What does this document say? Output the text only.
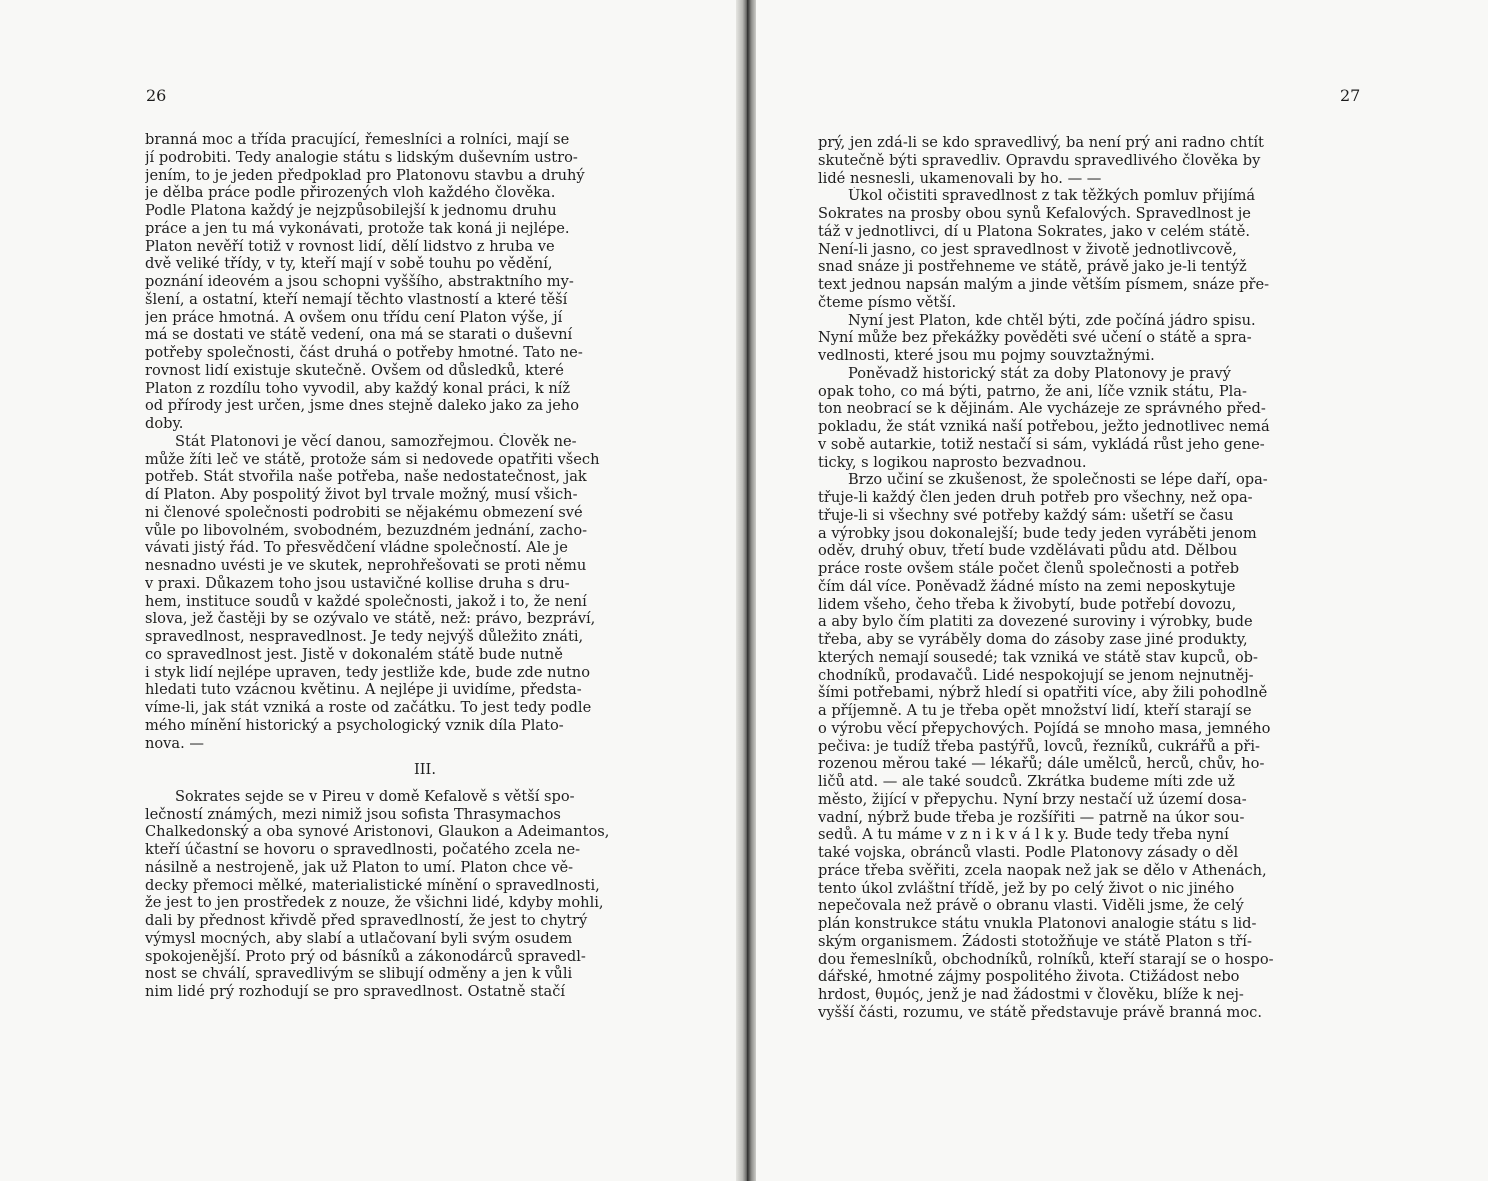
26
branná moc a třída pracující, řemeslníci a rolníci, mají se
jí podrobiti. Tedy analogie státu s lidským duševním ustro-
jením, to je jeden předpoklad pro Platonovu stavbu a druhý
je dělba práce podle přirozených vloh každého člověka.
Podle Platona každý je nejzpůsobilejší k jednomu druhu
práce a jen tu má vykonávati, protože tak koná ji nejlépe.
Platon nevěří totiž v rovnost lidí, dělí lidstvo z hruba ve
dvě veliké třídy, v ty, kteří mají v sobě touhu po vědění,
poznání ideovém a jsou schopni vyššího, abstraktního my-
šlení, a ostatní, kteří nemají těchto vlastností a které těší
jen práce hmotná. A ovšem onu třídu cení Platon výše, jí
má se dostati ve státě vedení, ona má se starati o duševní
potřeby společnosti, část druhá o potřeby hmotné. Tato ne-
rovnost lidí existuje skutečně. Ovšem od důsledků, které
Platon z rozdílu toho vyvodil, aby každý konal práci, k níž
od přírody jest určen, jsme dnes stejně daleko jako za jeho
doby.
Stát Platonovi je věcí danou, samozřejmou. Člověk ne-
může žíti leč ve státě, protože sám si nedovede opatřiti všech
potřeb. Stát stvořila naše potřeba, naše nedostatečnost, jak
dí Platon. Aby pospolitý život byl trvale možný, musí všich-
ni členové společnosti podrobiti se nějakému obmezení své
vůle po libovolném, svobodném, bezuzdném jednání, zacho-
vávati jistý řád. To přesvědčení vládne společností. Ale je
nesnadno uvésti je ve skutek, neprohřešovati se proti němu
v praxi. Důkazem toho jsou ustavičné kollise druha s dru-
hem, instituce soudů v každé společnosti, jakož i to, že není
slova, jež častěji by se ozývalo ve státě, než: právo, bezpráví,
spravedlnost, nespravedlnost. Je tedy nejvýš důležito znáti,
co spravedlnost jest. Jistě v dokonalém státě bude nutně
i styk lidí nejlépe upraven, tedy jestliže kde, bude zde nutno
hledati tuto vzácnou květinu. A nejlépe ji uvidíme, předsta-
víme-li, jak stát vzniká a roste od začátku. To jest tedy podle
mého mínění historický a psychologický vznik díla Plato-
nova. —
III.
Sokrates sejde se v Pireu v domě Kefalově s větší spo-
lečností známých, mezi nimiž jsou sofista Thrasymachos
Chalkedonský a oba synové Aristonovi, Glaukon a Adeimantos,
kteří účastní se hovoru o spravedlnosti, počatého zcela ne-
násilně a nestrojeně, jak už Platon to umí. Platon chce vě-
decky přemoci mělké, materialistické mínění o spravedlnosti,
že jest to jen prostředek z nouze, že všichni lidé, kdyby mohli,
dali by přednost křivdě před spravedlností, že jest to chytrý
výmysl mocných, aby slabí a utlačovaní byli svým osudem
spokojenější. Proto prý od básníků a zákonodárců spravedl-
nost se chválí, spravedlivým se slibují odměny a jen k vůli
nim lidé prý rozhodují se pro spravedlnost. Ostatně stačí
prý, jen zdá-li se kdo spravedlivý, ba není prý ani radno chtít
skutečně býti spravedliv. Opravdu spravedlivého člověka by
lidé nesnesli, ukamenovali by ho. — —
Úkol očistiti spravedlnost z tak těžkých pomluv přijímá
Sokrates na prosby obou synů Kefalových. Spravedlnost je
táž v jednotlivci, dí u Platona Sokrates, jako v celém státě.
Není-li jasno, co jest spravedlnost v životě jednotlivcově,
snad snáze ji postřehneme ve státě, právě jako je-li tentýž
text jednou napsán malým a jinde větším písmem, snáze pře-
čteme písmo větší.
Nyní jest Platon, kde chtěl býti, zde počíná jádro spisu.
Nyní může bez překážky pověděti své učení o státě a spra-
vedlnosti, které jsou mu pojmy souvztažnými.
Poněvadž historický stát za doby Platonovy je pravý
opak toho, co má býti, patrno, že ani, líče vznik státu, Pla-
ton neobrací se k dějinám. Ale vycházeje ze správného před-
pokladu, že stát vzniká naší potřebou, ježto jednotlivec nemá
v sobě autarkie, totiž nestačí si sám, vykládá růst jeho gene-
ticky, s logikou naprosto bezvadnou.
Brzo učiní se zkušenost, že společnosti se lépe daří, opa-
třuje-li každý člen jeden druh potřeb pro všechny, než opa-
třuje-li si všechny své potřeby každý sám: ušetří se času
a výrobky jsou dokonalejší; bude tedy jeden vyráběti jenom
oděv, druhý obuv, třetí bude vzdělávati půdu atd. Dělbou
práce roste ovšem stále počet členů společnosti a potřeb
čím dál více. Poněvadž žádné místo na zemi neposkytuje
lidem všeho, čeho třeba k živobytí, bude potřebí dovozu,
a aby bylo čím platiti za dovezené suroviny i výrobky, bude
třeba, aby se vyráběly doma do zásoby zase jiné produkty,
kterých nemají sousedé; tak vzniká ve státě stav kupců, ob-
chodníků, prodavačů. Lidé nespokojují se jenom nejnutněj-
šími potřebami, nýbrž hledí si opatřiti více, aby žili pohodlně
a příjemně. A tu je třeba opět množství lidí, kteří starají se
o výrobu věcí přepychových. Pojídá se mnoho masa, jemného
pečiva: je tudíž třeba pastýřů, lovců, řezníků, cukrářů a při-
rozenou měrou také — lékařů; dále umělců, herců, chův, ho-
ličů atd. — ale také soudců. Zkrátka budeme míti zde už
město, žijící v přepychu. Nyní brzy nestačí už území dosa-
vadní, nýbrž bude třeba je rozšířiti — patrně na úkor sou-
sedů. A tu máme v z n i k v á l k y. Bude tedy třeba nyní
také vojska, obránců vlasti. Podle Platonovy zásady o děl
práce třeba svěřiti, zcela naopak než jak se dělo v Athenách,
tento úkol zvláštní třídě, jež by po celý život o nic jiného
nepečovala než právě o obranu vlasti. Viděli jsme, že celý
plán konstrukce státu vnukla Platonovi analogie státu s lid-
ským organismem. Žádosti stotožňuje ve státě Platon s tří-
dou řemeslníků, obchodníků, rolníků, kteří starají se o hospo-
dářské, hmotné zájmy pospolitého života. Ctižádost nebo
hrdost, θυμός, jenž je nad žádostmi v člověku, blíže k nej-
vyšší části, rozumu, ve státě představuje právě branná moc.
27
